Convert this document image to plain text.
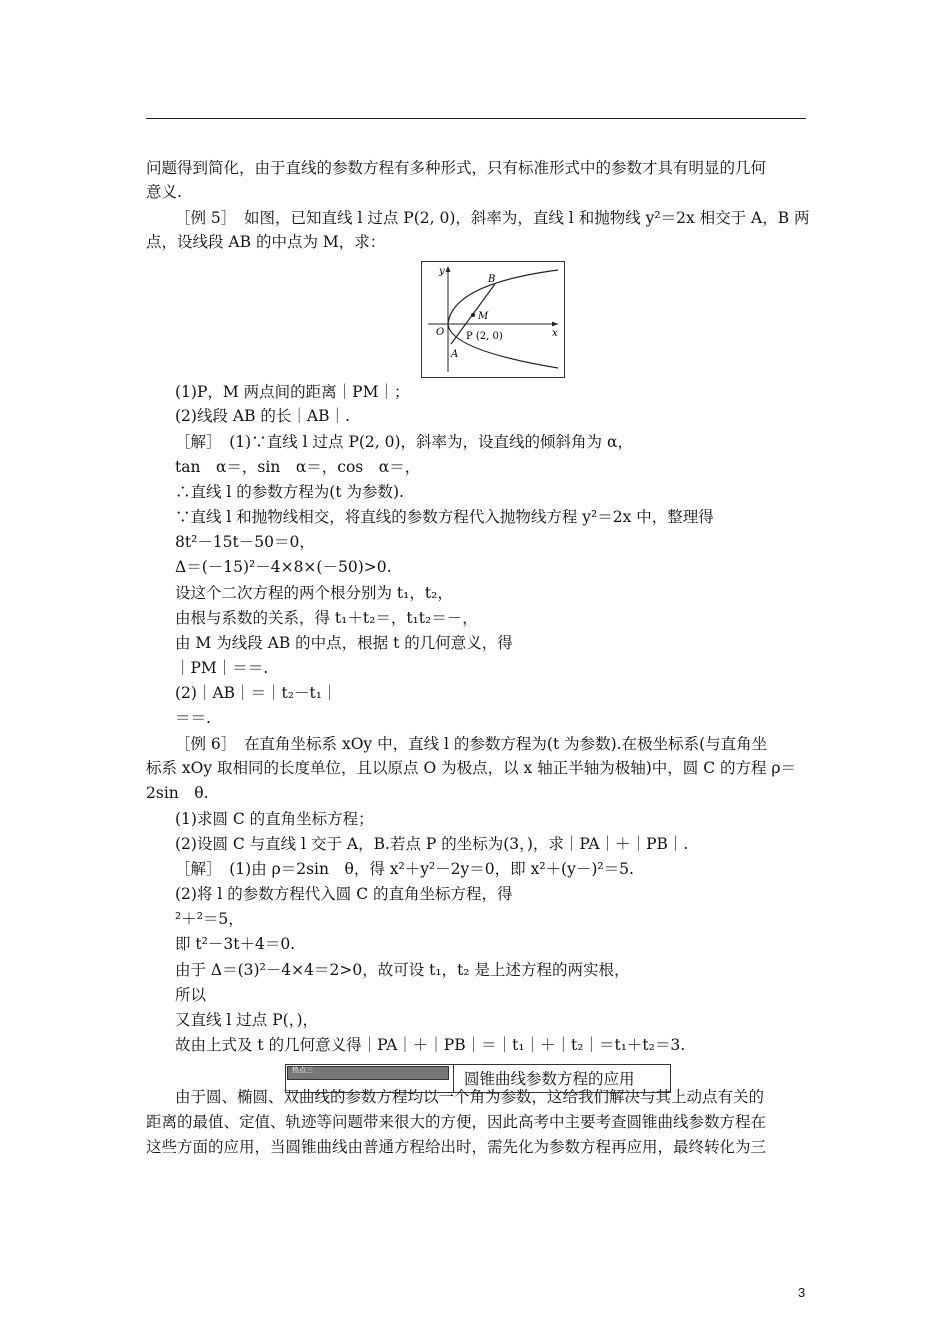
问题得到简化，由于直线的参数方程有多种形式，只有标准形式中的参数才具有明显的几何
意义.
［例 5］　如图，已知直线 l 过点 P(2, 0)，斜率为，直线 l 和抛物线 y²＝2x 相交于 A，B 两
点，设线段 AB 的中点为 M，求：
(1)P，M 两点间的距离｜PM｜；
(2)线段 AB 的长｜AB｜.
［解］　(1)∵直线 l 过点 P(2, 0)，斜率为，设直线的倾斜角为 α，
tan　α＝，sin　α＝，cos　α＝，
∴直线 l 的参数方程为(t 为参数).
∵直线 l 和抛物线相交，将直线的参数方程代入抛物线方程 y²＝2x 中，整理得
8t²－15t－50＝0，
Δ＝(－15)²－4×8×(－50)>0.
设这个二次方程的两个根分别为 t₁，t₂，
由根与系数的关系，得 t₁＋t₂＝，t₁t₂＝－，
由 M 为线段 AB 的中点，根据 t 的几何意义，得
｜PM｜＝＝.
(2)｜AB｜＝｜t₂－t₁｜
＝＝.
［例 6］　在直角坐标系 xOy 中，直线 l 的参数方程为(t 为参数).在极坐标系(与直角坐
标系 xOy 取相同的长度单位，且以原点 O 为极点，以 x 轴正半轴为极轴)中，圆 C 的方程 ρ＝
2sin　θ.
(1)求圆 C 的直角坐标方程；
(2)设圆 C 与直线 l 交于 A，B.若点 P 的坐标为(3，)，求｜PA｜＋｜PB｜.
［解］　(1)由 ρ＝2sin　θ，得 x²＋y²－2y＝0，即 x²＋(y－)²＝5.
(2)将 l 的参数方程代入圆 C 的直角坐标方程，得
²＋²＝5，
即 t²－3t＋4＝0.
由于 Δ＝(3)²－4×4＝2>0，故可设 t₁，t₂ 是上述方程的两实根，
所以
又直线 l 过点 P(，)，
故由上式及 t 的几何意义得｜PA｜＋｜PB｜＝｜t₁｜＋｜t₂｜＝t₁＋t₂＝3.
由于圆、椭圆、双曲线的参数方程均以一个角为参数，这给我们解决与其上动点有关的
距离的最值、定值、轨迹等问题带来很大的方便，因此高考中主要考查圆锥曲线参数方程在
这些方面的应用，当圆锥曲线由普通方程给出时，需先化为参数方程再应用，最终转化为三
y
x
O
B
M
P (2, 0)
A
热点三	圆锥曲线参数方程的应用
3
